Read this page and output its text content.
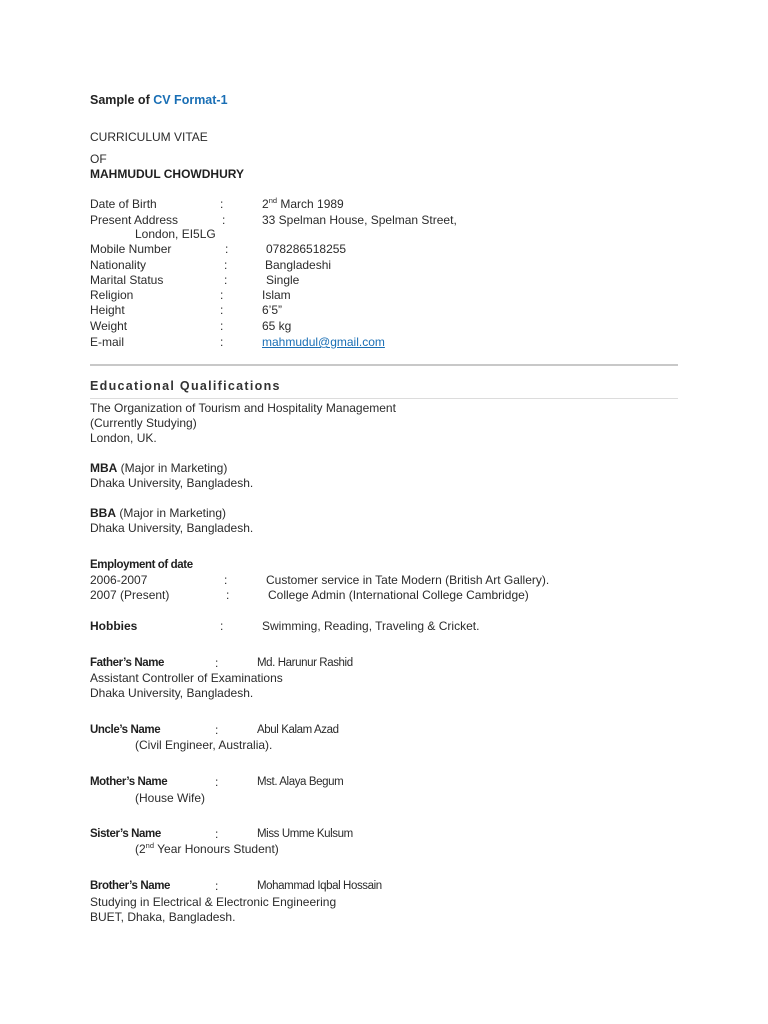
Sample of CV Format-1
CURRICULUM VITAE
OF
MAHMUDUL CHOWDHURY
Date of Birth	:	2nd March 1989
Present Address	:	33 Spelman House, Spelman Street,
London, EI5LG
Mobile Number	:	078286518255
Nationality	:	Bangladeshi
Marital Status	:	Single
Religion	:	Islam
Height	:	6’5”
Weight	:	65 kg
E-mail	:	mahmudul@gmail.com
Educational Qualifications
The Organization of Tourism and Hospitality Management
(Currently Studying)
London, UK.
MBA (Major in Marketing)
Dhaka University, Bangladesh.
BBA (Major in Marketing)
Dhaka University, Bangladesh.
Employment of date
2006-2007	:	Customer service in Tate Modern (British Art Gallery).
2007 (Present)	:	College Admin (International College Cambridge)
Hobbies	:	Swimming, Reading, Traveling & Cricket.
Father’s Name	:	Md. Harunur Rashid
Assistant Controller of Examinations
Dhaka University, Bangladesh.
Uncle’s Name	:	Abul Kalam Azad
(Civil Engineer, Australia).
Mother’s Name	:	Mst. Alaya Begum
(House Wife)
Sister’s Name	:	Miss Umme Kulsum
(2nd Year Honours Student)
Brother’s Name	:	Mohammad Iqbal Hossain
Studying in Electrical & Electronic Engineering
BUET, Dhaka, Bangladesh.
